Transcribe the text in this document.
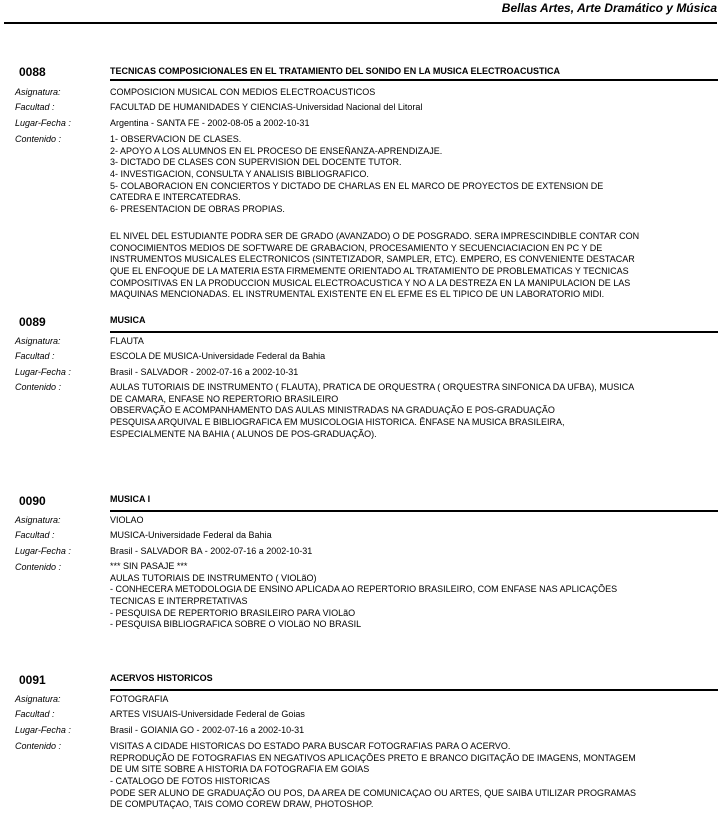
Bellas Artes, Arte Dramático y Música
0088	TECNICAS COMPOSICIONALES EN EL TRATAMIENTO DEL SONIDO EN LA MUSICA ELECTROACUSTICA
Asignatura:	COMPOSICION MUSICAL CON MEDIOS ELECTROACUSTICOS
Facultad :	FACULTAD DE HUMANIDADES Y CIENCIAS-Universidad Nacional del Litoral
Lugar-Fecha :	Argentina - SANTA FE - 2002-08-05 a 2002-10-31
Contenido :	1- OBSERVACION DE CLASES.
2- APOYO A LOS ALUMNOS EN EL PROCESO DE ENSEÑANZA-APRENDIZAJE.
3- DICTADO DE CLASES CON SUPERVISION DEL DOCENTE TUTOR.
4- INVESTIGACION, CONSULTA Y ANALISIS BIBLIOGRAFICO.
5- COLABORACION EN CONCIERTOS Y DICTADO DE CHARLAS EN EL MARCO DE PROYECTOS DE EXTENSION DE
CATEDRA E INTERCATEDRAS.
6- PRESENTACION DE OBRAS PROPIAS.
EL NIVEL DEL ESTUDIANTE PODRA SER DE GRADO (AVANZADO) O DE POSGRADO. SERA IMPRESCINDIBLE CONTAR CON
CONOCIMIENTOS MEDIOS DE SOFTWARE DE GRABACION, PROCESAMIENTO Y SECUENCIACIACION EN PC Y DE
INSTRUMENTOS MUSICALES ELECTRONICOS (SINTETIZADOR, SAMPLER, ETC). EMPERO, ES CONVENIENTE DESTACAR
QUE EL ENFOQUE DE LA MATERIA ESTA FIRMEMENTE ORIENTADO AL TRATAMIENTO DE PROBLEMATICAS Y TECNICAS
COMPOSITIVAS EN LA PRODUCCION MUSICAL ELECTROACUSTICA Y NO A LA DESTREZA EN LA MANIPULACION DE LAS
MAQUINAS MENCIONADAS. EL INSTRUMENTAL EXISTENTE EN EL EFME ES EL TIPICO DE UN LABORATORIO MIDI.
0089	MUSICA
Asignatura:	FLAUTA
Facultad :	ESCOLA DE MUSICA-Universidade Federal da Bahia
Lugar-Fecha :	Brasil - SALVADOR - 2002-07-16 a 2002-10-31
Contenido :	AULAS TUTORIAIS DE INSTRUMENTO ( FLAUTA), PRATICA DE ORQUESTRA ( ORQUESTRA SINFONICA DA UFBA), MUSICA
DE CAMARA, ENFASE NO REPERTORIO BRASILEIRO
OBSERVAÇÃO E ACOMPANHAMENTO DAS AULAS MINISTRADAS NA GRADUAÇÃO E POS-GRADUAÇÃO
PESQUISA ARQUIVAL E BIBLIOGRAFICA EM MUSICOLOGIA HISTORICA. ÊNFASE NA MUSICA BRASILEIRA,
ESPECIALMENTE NA BAHIA ( ALUNOS DE POS-GRADUAÇÃO).
0090	MUSICA I
Asignatura:	VIOLAO
Facultad :	MUSICA-Universidade Federal da Bahia
Lugar-Fecha :	Brasil - SALVADOR BA - 2002-07-16 a 2002-10-31
Contenido :	*** SIN PASAJE ***
AULAS TUTORIAIS DE INSTRUMENTO ( VIOLãO)
- CONHECERA METODOLOGIA DE ENSINO APLICADA AO REPERTORIO BRASILEIRO, COM ENFASE NAS APLICAÇÕES
TECNICAS E INTERPRETATIVAS
- PESQUISA DE REPERTORIO BRASILEIRO PARA VIOLãO
- PESQUISA BIBLIOGRAFICA SOBRE O VIOLãO NO BRASIL
0091	ACERVOS HISTORICOS
Asignatura:	FOTOGRAFIA
Facultad :	ARTES VISUAIS-Universidade Federal de Goias
Lugar-Fecha :	Brasil - GOIANIA GO - 2002-07-16 a 2002-10-31
Contenido :	VISITAS A CIDADE HISTORICAS DO ESTADO PARA BUSCAR FOTOGRAFIAS PARA O ACERVO.
REPRODUÇÃO DE FOTOGRAFIAS EN NEGATIVOS APLICAÇÕES PRETO E BRANCO DIGITAÇÃO DE IMAGENS, MONTAGEM
DE UM SITE SOBRE A HISTORIA DA FOTOGRAFIA EM GOIAS
- CATALOGO DE FOTOS HISTORICAS
PODE SER ALUNO DE GRADUAÇÃO OU POS, DA AREA DE COMUNICAÇAO OU ARTES, QUE SAIBA UTILIZAR PROGRAMAS
DE COMPUTAÇAO, TAIS COMO COREW DRAW, PHOTOSHOP.
